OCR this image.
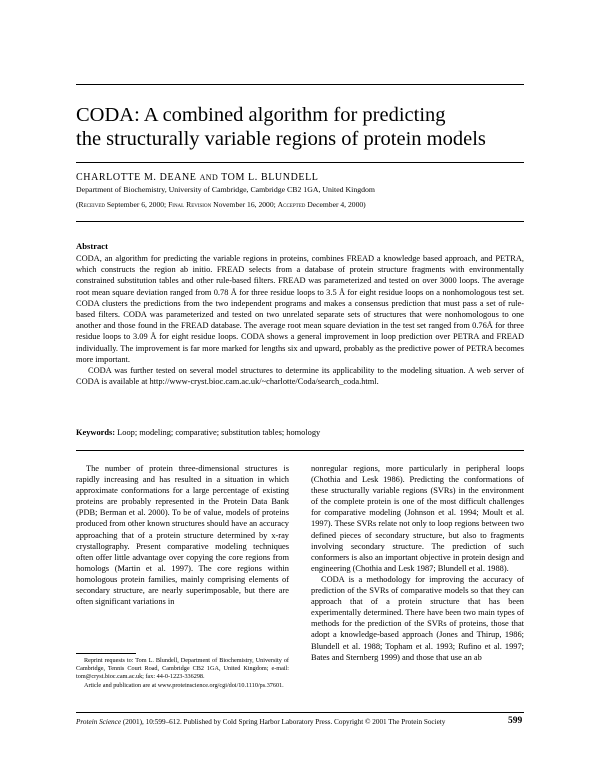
CODA: A combined algorithm for predicting
the structurally variable regions of protein models
CHARLOTTE M. DEANE AND TOM L. BLUNDELL
Department of Biochemistry, University of Cambridge, Cambridge CB2 1GA, United Kingdom
(Received September 6, 2000; Final Revision November 16, 2000; Accepted December 4, 2000)
Abstract

CODA, an algorithm for predicting the variable regions in proteins, combines FREAD a knowledge based approach, and PETRA, which constructs the region ab initio. FREAD selects from a database of protein structure fragments with environmentally constrained substitution tables and other rule-based filters. FREAD was parameterized and tested on over 3000 loops. The average root mean square deviation ranged from 0.78 Å for three residue loops to 3.5 Å for eight residue loops on a nonhomologous test set. CODA clusters the predictions from the two independent programs and makes a consensus prediction that must pass a set of rule-based filters. CODA was parameterized and tested on two unrelated separate sets of structures that were nonhomologous to one another and those found in the FREAD database. The average root mean square deviation in the test set ranged from 0.76Å for three residue loops to 3.09 Å for eight residue loops. CODA shows a general improvement in loop prediction over PETRA and FREAD individually. The improvement is far more marked for lengths six and upward, probably as the predictive power of PETRA becomes more important.

CODA was further tested on several model structures to determine its applicability to the modeling situation. A web server of CODA is available at http://www-cryst.bioc.cam.ac.uk/~charlotte/Coda/search_coda.html.

Keywords: Loop; modeling; comparative; substitution tables; homology

The number of protein three-dimensional structures is rapidly increasing and has resulted in a situation in which approximate conformations for a large percentage of existing proteins are probably represented in the Protein Data Bank (PDB; Berman et al. 2000). To be of value, models of proteins produced from other known structures should have an accuracy approaching that of a protein structure determined by x-ray crystallography. Present comparative modeling techniques often offer little advantage over copying the core regions from homologs (Martin et al. 1997). The core regions within homologous protein families, mainly comprising elements of secondary structure, are nearly superimposable, but there are often significant variations in

nonregular regions, more particularly in peripheral loops (Chothia and Lesk 1986). Predicting the conformations of these structurally variable regions (SVRs) in the environment of the complete protein is one of the most difficult challenges for comparative modeling (Johnson et al. 1994; Moult et al. 1997). These SVRs relate not only to loop regions between two defined pieces of secondary structure, but also to fragments involving secondary structure. The prediction of such conformers is also an important objective in protein design and engineering (Chothia and Lesk 1987; Blundell et al. 1988).

CODA is a methodology for improving the accuracy of prediction of the SVRs of comparative models so that they can approach that of a protein structure that has been experimentally determined. There have been two main types of methods for the prediction of the SVRs of proteins, those that adopt a knowledge-based approach (Jones and Thirup, 1986; Blundell et al. 1988; Topham et al. 1993; Rufino et al. 1997; Bates and Sternberg 1999) and those that use an ab

Reprint requests to: Tom L. Blundell, Department of Biochemistry, University of Cambridge, Tennis Court Road, Cambridge CB2 1GA, United Kingdom; e-mail: tom@cryst.bioc.cam.ac.uk; fax: 44-0-1223-336298.

Article and publication are at www.proteinscience.org/cgi/doi/10.1110/ps.37601.

Protein Science (2001), 10:599–612. Published by Cold Spring Harbor Laboratory Press. Copyright © 2001 The Protein Society	599
